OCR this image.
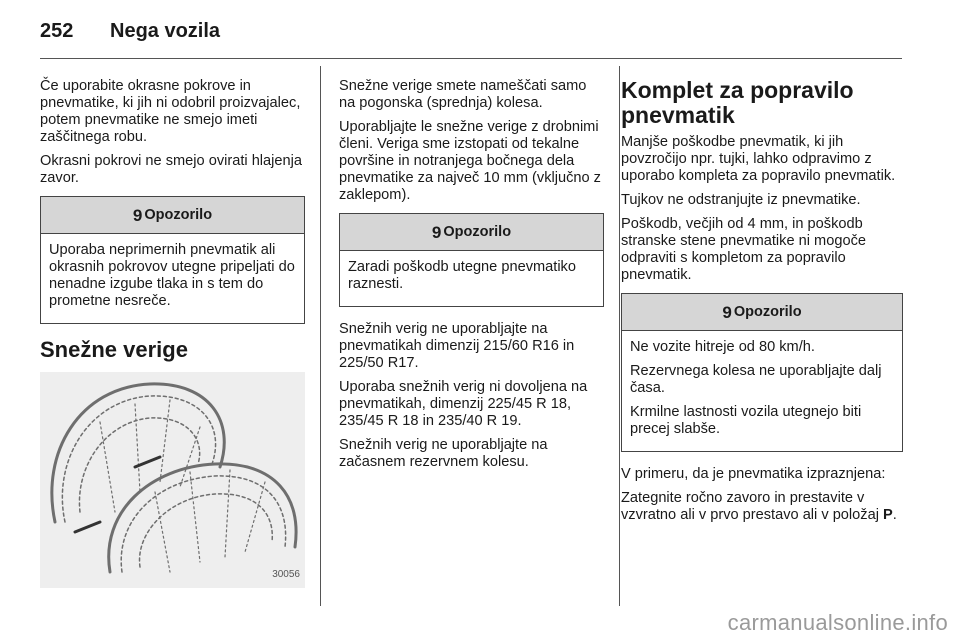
252	Nega vozila

Če uporabite okrasne pokrove in pnevmatike, ki jih ni odobril proizvajalec, potem pnevmatike ne smejo imeti zaščitnega robu.

Okrasni pokrovi ne smejo ovirati hlajenja zavor.

9 Opozorilo

Uporaba neprimernih pnevmatik ali okrasnih pokrovov utegne pripeljati do nenadne izgube tlaka in s tem do prometne nesreče.

Snežne verige
30056

Snežne verige smete nameščati samo na pogonska (sprednja) kolesa.

Uporabljajte le snežne verige z drobnimi členi. Veriga sme izstopati od tekalne površine in notranjega bočnega dela pnevmatike za največ 10 mm (vključno z zaklepom).

9 Opozorilo

Zaradi poškodb utegne pnevmatiko raznesti.

Snežnih verig ne uporabljajte na pnevmatikah dimenzij 215/60 R16 in 225/50 R17.

Uporaba snežnih verig ni dovoljena na pnevmatikah, dimenzij 225/45 R 18, 235/45 R 18 in 235/40 R 19.

Snežnih verig ne uporabljajte na začasnem rezervnem kolesu.

Komplet za popravilo pnevmatik

Manjše poškodbe pnevmatik, ki jih povzročijo npr. tujki, lahko odpravimo z uporabo kompleta za popravilo pnevmatik.

Tujkov ne odstranjujte iz pnevmatike.

Poškodb, večjih od 4 mm, in poškodb stranske stene pnevmatike ni mogoče odpraviti s kompletom za popravilo pnevmatik.

9 Opozorilo

Ne vozite hitreje od 80 km/h.

Rezervnega kolesa ne uporabljajte dalj časa.

Krmilne lastnosti vozila utegnejo biti precej slabše.

V primeru, da je pnevmatika izpraznjena:

Zategnite ročno zavoro in prestavite v vzvratno ali v prvo prestavo ali v položaj P.

carmanualsonline.info
